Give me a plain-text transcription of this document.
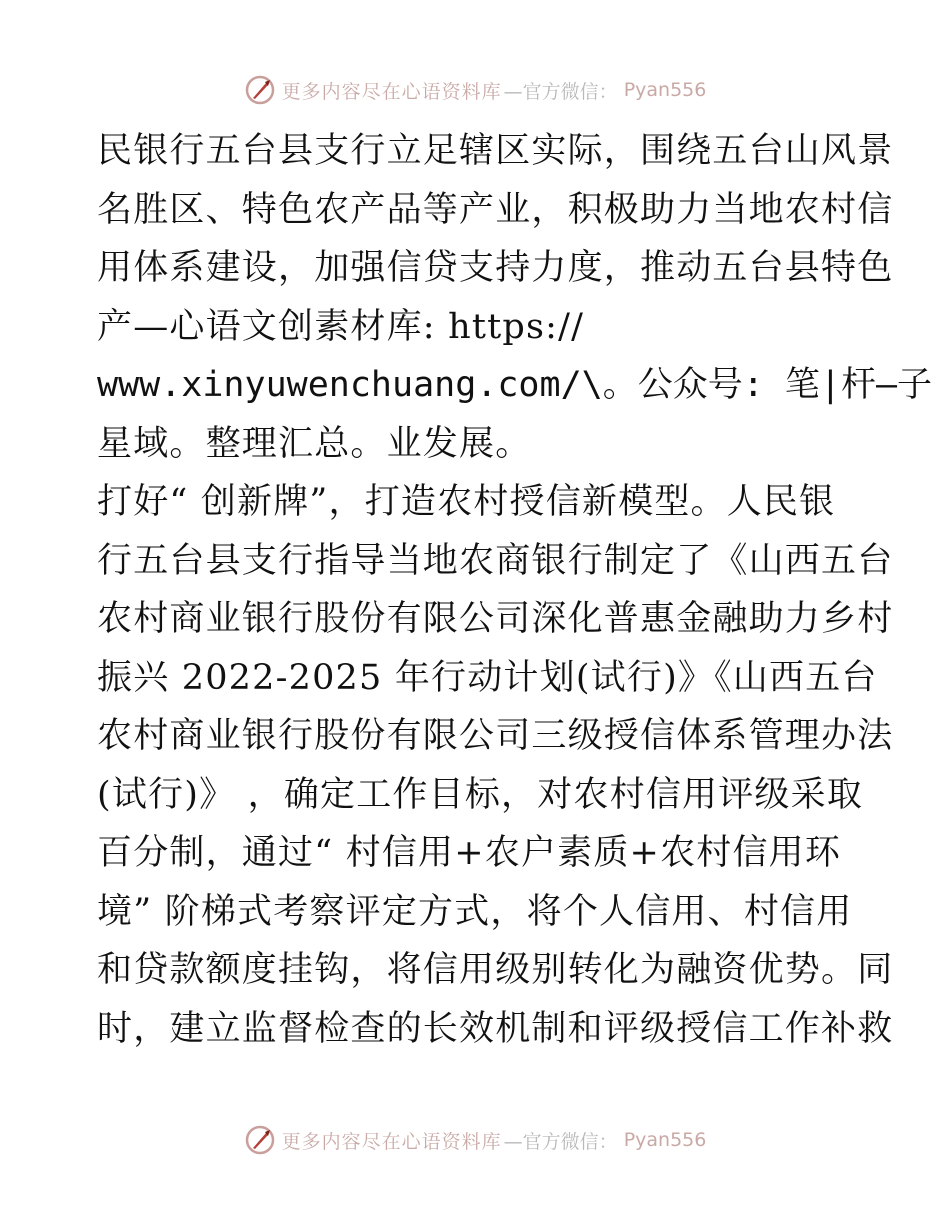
更多内容尽在心语资料库 —官方微信： Pyan556
民银行五台县支行立足辖区实际，围绕五台山风景
名胜区、特色农产品等产业，积极助力当地农村信
用体系建设，加强信贷支持力度，推动五台县特色
产—心语文创素材库: https://
www.xinyuwenchuang.com/\。公众号: 笔|杆—子
星域。整理汇总。业发展。
打好“ 创新牌”，打造农村授信新模型。人民银
行五台县支行指导当地农商银行制定了《山西五台
农村商业银行股份有限公司深化普惠金融助力乡村
振兴 2022-2025 年行动计划(试行)》《山西五台
农村商业银行股份有限公司三级授信体系管理办法
(试行)》 ，确定工作目标，对农村信用评级采取
百分制，通过“ 村信用+农户素质+农村信用环
境” 阶梯式考察评定方式，将个人信用、村信用
和贷款额度挂钩，将信用级别转化为融资优势。同
时，建立监督检查的长效机制和评级授信工作补救
更多内容尽在心语资料库 —官方微信： Pyan556
